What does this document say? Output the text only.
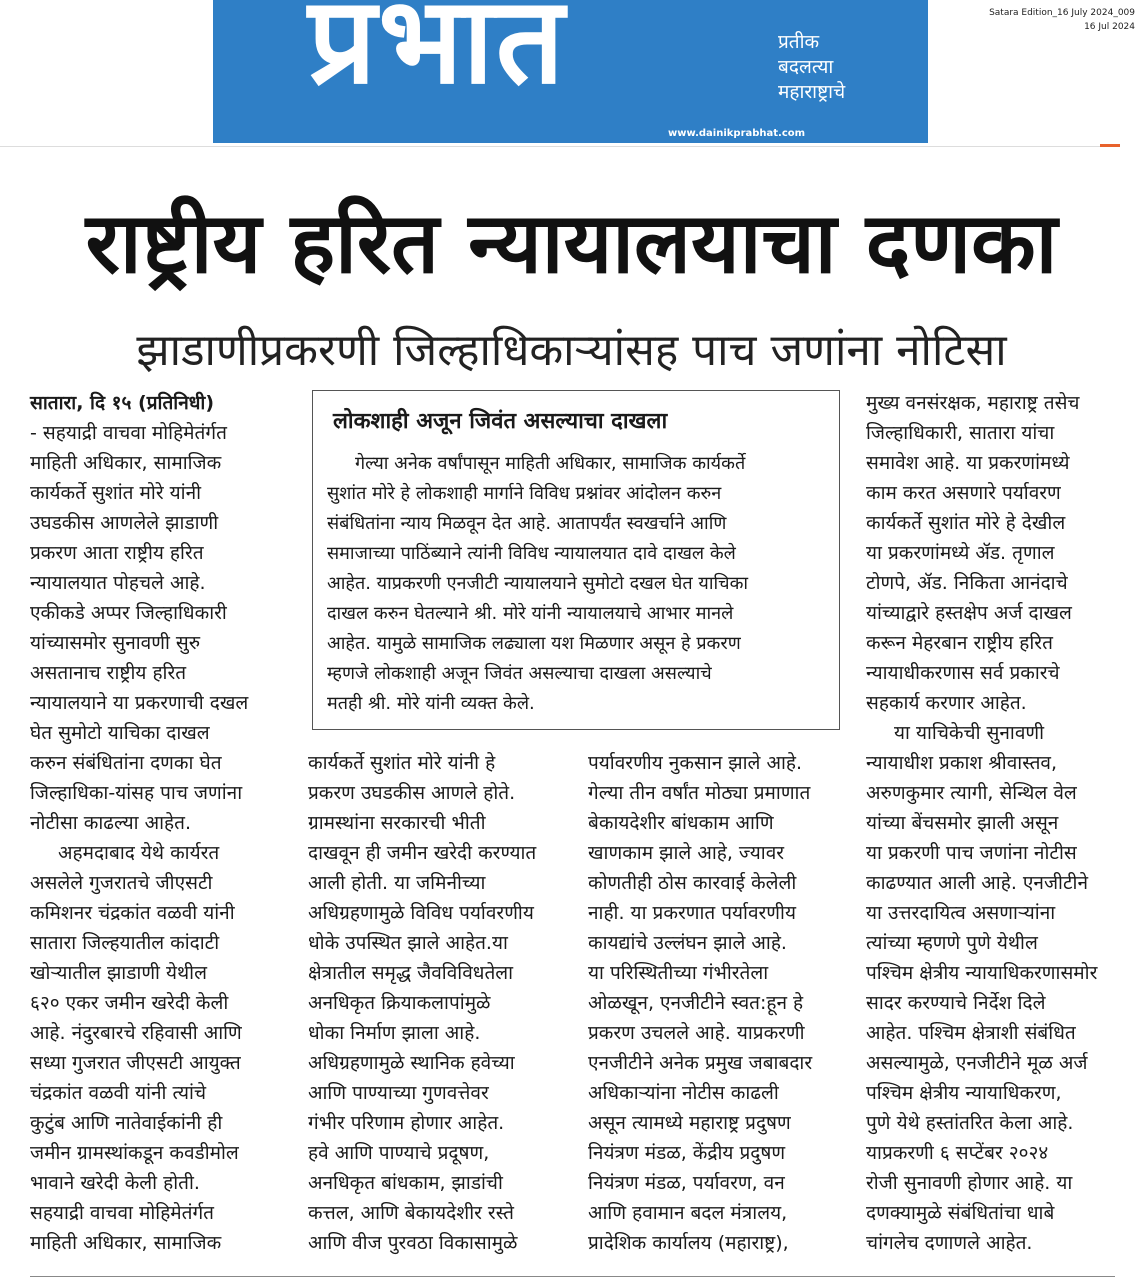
प्रभात	प्रतीक
बदलत्या
महाराष्ट्राचे
www.dainikprabhat.com
Satara Edition_16 July 2024_009
16 Jul 2024
राष्ट्रीय हरित न्यायालयाचा दणका
झाडाणीप्रकरणी जिल्हाधिकाऱ्यांसह पाच जणांना नोटिसा
सातारा, दि १५ (प्रतिनिधी)
- सहयाद्री वाचवा मोहिमेतंर्गत
माहिती अधिकार, सामाजिक
कार्यकर्ते सुशांत मोरे यांनी
उघडकीस आणलेले झाडाणी
प्रकरण आता राष्ट्रीय हरित
न्यायालयात पोहचले आहे.
एकीकडे अप्पर जिल्हाधिकारी
यांच्यासमोर सुनावणी सुरु
असतानाच राष्ट्रीय हरित
न्यायालयाने या प्रकरणाची दखल
घेत सुमोटो याचिका दाखल
करुन संबंधितांना दणका घेत
जिल्हाधिका-यांसह पाच जणांना
नोटीसा काढल्या आहेत.
अहमदाबाद येथे कार्यरत
असलेले गुजरातचे जीएसटी
कमिशनर चंद्रकांत वळवी यांनी
सातारा जिल्हयातील कांदाटी
खोऱ्यातील झाडाणी येथील
६२० एकर जमीन खरेदी केली
आहे. नंदुरबारचे रहिवासी आणि
सध्या गुजरात जीएसटी आयुक्त
चंद्रकांत वळवी यांनी त्यांचे
कुटुंब आणि नातेवाईकांनी ही
जमीन ग्रामस्थांकडून कवडीमोल
भावाने खरेदी केली होती.
सहयाद्री वाचवा मोहिमेतंर्गत
माहिती अधिकार, सामाजिक
कार्यकर्ते सुशांत मोरे यांनी हे
प्रकरण उघडकीस आणले होते.
ग्रामस्थांना सरकारची भीती
दाखवून ही जमीन खरेदी करण्यात
आली होती. या जमिनीच्या
अधिग्रहणामुळे विविध पर्यावरणीय
धोके उपस्थित झाले आहेत.या
क्षेत्रातील समृद्ध जैवविविधतेला
अनधिकृत क्रियाकलापांमुळे
धोका निर्माण झाला आहे.
अधिग्रहणामुळे स्थानिक हवेच्या
आणि पाण्याच्या गुणवत्तेवर
गंभीर परिणाम होणार आहेत.
हवे आणि पाण्याचे प्रदूषण,
अनधिकृत बांधकाम, झाडांची
कत्तल, आणि बेकायदेशीर रस्ते
आणि वीज पुरवठा विकासामुळे
पर्यावरणीय नुकसान झाले आहे.
गेल्या तीन वर्षांत मोठ्या प्रमाणात
बेकायदेशीर बांधकाम आणि
खाणकाम झाले आहे, ज्यावर
कोणतीही ठोस कारवाई केलेली
नाही. या प्रकरणात पर्यावरणीय
कायद्यांचे उल्लंघन झाले आहे.
या परिस्थितीच्या गंभीरतेला
ओळखून, एनजीटीने स्वत:हून हे
प्रकरण उचलले आहे. याप्रकरणी
एनजीटीने अनेक प्रमुख जबाबदार
अधिकाऱ्यांना नोटीस काढली
असून त्यामध्ये महाराष्ट्र प्रदुषण
नियंत्रण मंडळ, केंद्रीय प्रदुषण
नियंत्रण मंडळ, पर्यावरण, वन
आणि हवामान बदल मंत्रालय,
प्रादेशिक कार्यालय (महाराष्ट्र),
मुख्य वनसंरक्षक, महाराष्ट्र तसेच
जिल्हाधिकारी, सातारा यांचा
समावेश आहे. या प्रकरणांमध्ये
काम करत असणारे पर्यावरण
कार्यकर्ते सुशांत मोरे हे देखील
या प्रकरणांमध्ये ॲड. तृणाल
टोणपे, ॲड. निकिता आनंदाचे
यांच्याद्वारे हस्तक्षेप अर्ज दाखल
करून मेहरबान राष्ट्रीय हरित
न्यायाधीकरणास सर्व प्रकारचे
सहकार्य करणार आहेत.
या याचिकेची सुनावणी
न्यायाधीश प्रकाश श्रीवास्तव,
अरुणकुमार त्यागी, सेन्थिल वेल
यांच्या बेंचसमोर झाली असून
या प्रकरणी पाच जणांना नोटीस
काढण्यात आली आहे. एनजीटीने
या उत्तरदायित्व असणाऱ्यांना
त्यांच्या म्हणणे पुणे येथील
पश्चिम क्षेत्रीय न्यायाधिकरणासमोर
सादर करण्याचे निर्देश दिले
आहेत. पश्चिम क्षेत्राशी संबंधित
असल्यामुळे, एनजीटीने मूळ अर्ज
पश्चिम क्षेत्रीय न्यायाधिकरण,
पुणे येथे हस्तांतरित केला आहे.
याप्रकरणी ६ सप्टेंबर २०२४
रोजी सुनावणी होणार आहे. या
दणक्यामुळे संबंधितांचा धाबे
चांगलेच दणाणले आहेत.
लोकशाही अजून जिवंत असल्याचा दाखला
गेल्या अनेक वर्षांपासून माहिती अधिकार, सामाजिक कार्यकर्ते
सुशांत मोरे हे लोकशाही मार्गाने विविध प्रश्नांवर आंदोलन करुन
संबंधितांना न्याय मिळवून देत आहे. आतापर्यंत स्वखर्चाने आणि
समाजाच्या पाठिंब्याने त्यांनी विविध न्यायालयात दावे दाखल केले
आहेत. याप्रकरणी एनजीटी न्यायालयाने सुमोटो दखल घेत याचिका
दाखल करुन घेतल्याने श्री. मोरे यांनी न्यायालयाचे आभार मानले
आहेत. यामुळे सामाजिक लढ्याला यश मिळणार असून हे प्रकरण
म्हणजे लोकशाही अजून जिवंत असल्याचा दाखला असल्याचे
मतही श्री. मोरे यांनी व्यक्त केले.
